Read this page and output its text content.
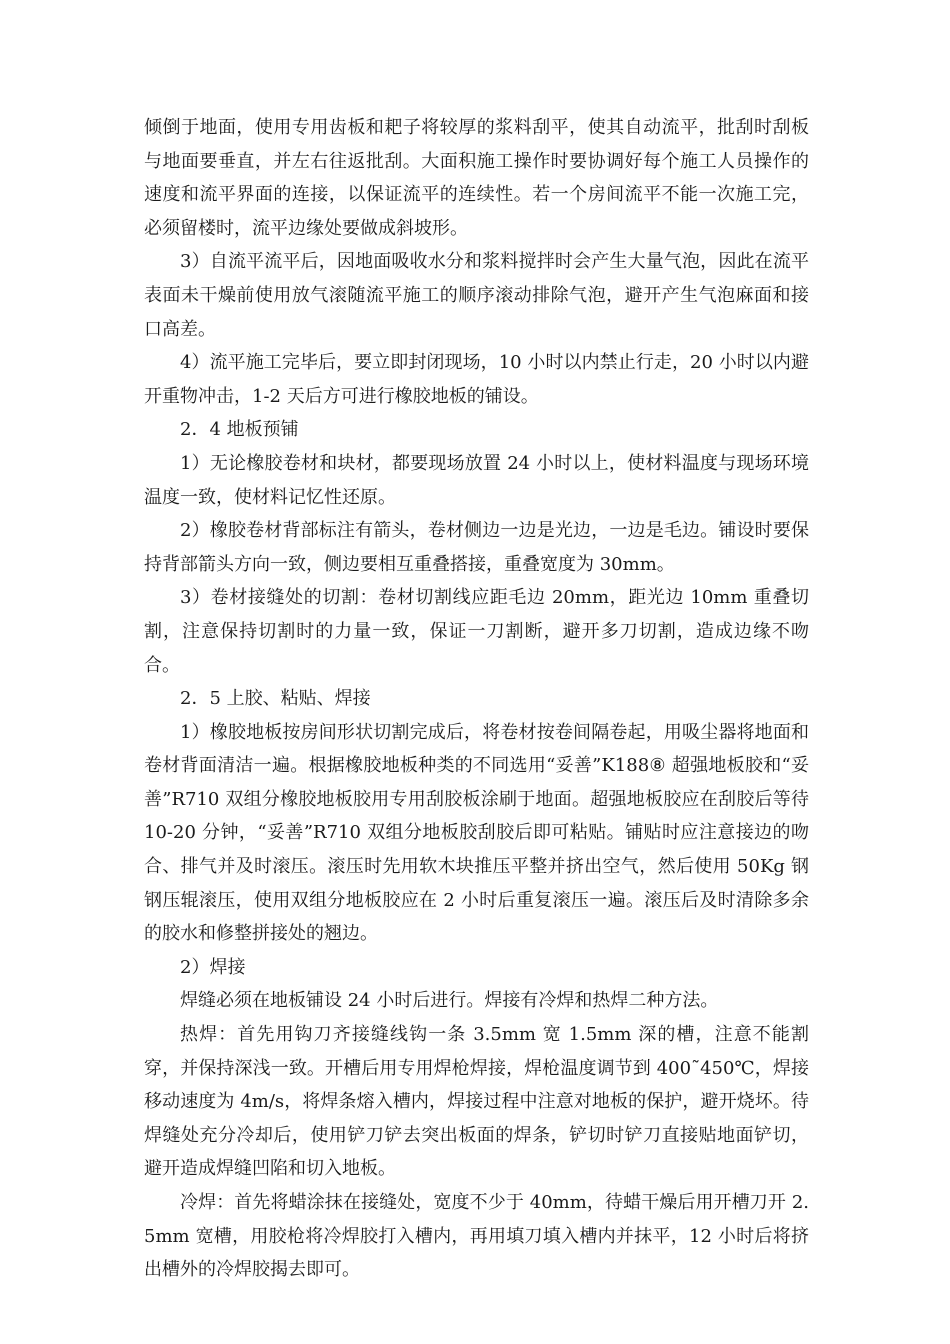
倾倒于地面，使用专用齿板和耙子将较厚的浆料刮平，使其自动流平，批刮时刮板与地面要垂直，并左右往返批刮。大面积施工操作时要协调好每个施工人员操作的速度和流平界面的连接，以保证流平的连续性。若一个房间流平不能一次施工完，必须留楼时，流平边缘处要做成斜坡形。

3）自流平流平后，因地面吸收水分和浆料搅拌时会产生大量气泡，因此在流平表面未干燥前使用放气滚随流平施工的顺序滚动排除气泡，避开产生气泡麻面和接口高差。

4）流平施工完毕后，要立即封闭现场，10 小时以内禁止行走，20 小时以内避开重物冲击，1-2 天后方可进行橡胶地板的铺设。

2．4 地板预铺

1）无论橡胶卷材和块材，都要现场放置 24 小时以上，使材料温度与现场环境温度一致，使材料记忆性还原。

2）橡胶卷材背部标注有箭头，卷材侧边一边是光边，一边是毛边。铺设时要保持背部箭头方向一致，侧边要相互重叠搭接，重叠宽度为 30mm。

3）卷材接缝处的切割：卷材切割线应距毛边 20mm，距光边 10mm 重叠切割，注意保持切割时的力量一致，保证一刀割断，避开多刀切割，造成边缘不吻合。

2．5 上胶、粘贴、焊接

1）橡胶地板按房间形状切割完成后，将卷材按卷间隔卷起，用吸尘器将地面和卷材背面清洁一遍。根据橡胶地板种类的不同选用“妥善”K188⑧ 超强地板胶和“妥善”R710 双组分橡胶地板胶用专用刮胶板涂刷于地面。超强地板胶应在刮胶后等待 10-20 分钟，“妥善”R710 双组分地板胶刮胶后即可粘贴。铺贴时应注意接边的吻合、排气并及时滚压。滚压时先用软木块推压平整并挤出空气，然后使用 50Kg 钢钢压辊滚压，使用双组分地板胶应在 2 小时后重复滚压一遍。滚压后及时清除多余的胶水和修整拼接处的翘边。

2）焊接

焊缝必须在地板铺设 24 小时后进行。焊接有冷焊和热焊二种方法。

热焊：首先用钩刀齐接缝线钩一条 3.5mm 宽 1.5mm 深的槽，注意不能割穿，并保持深浅一致。开槽后用专用焊枪焊接，焊枪温度调节到 400˜450℃，焊接移动速度为 4m/s，将焊条熔入槽内，焊接过程中注意对地板的保护，避开烧坏。待焊缝处充分冷却后，使用铲刀铲去突出板面的焊条，铲切时铲刀直接贴地面铲切，避开造成焊缝凹陷和切入地板。

冷焊：首先将蜡涂抹在接缝处，宽度不少于 40mm，待蜡干燥后用开槽刀开 2.5mm 宽槽，用胶枪将冷焊胶打入槽内，再用填刀填入槽内并抹平，12 小时后将挤出槽外的冷焊胶揭去即可。
